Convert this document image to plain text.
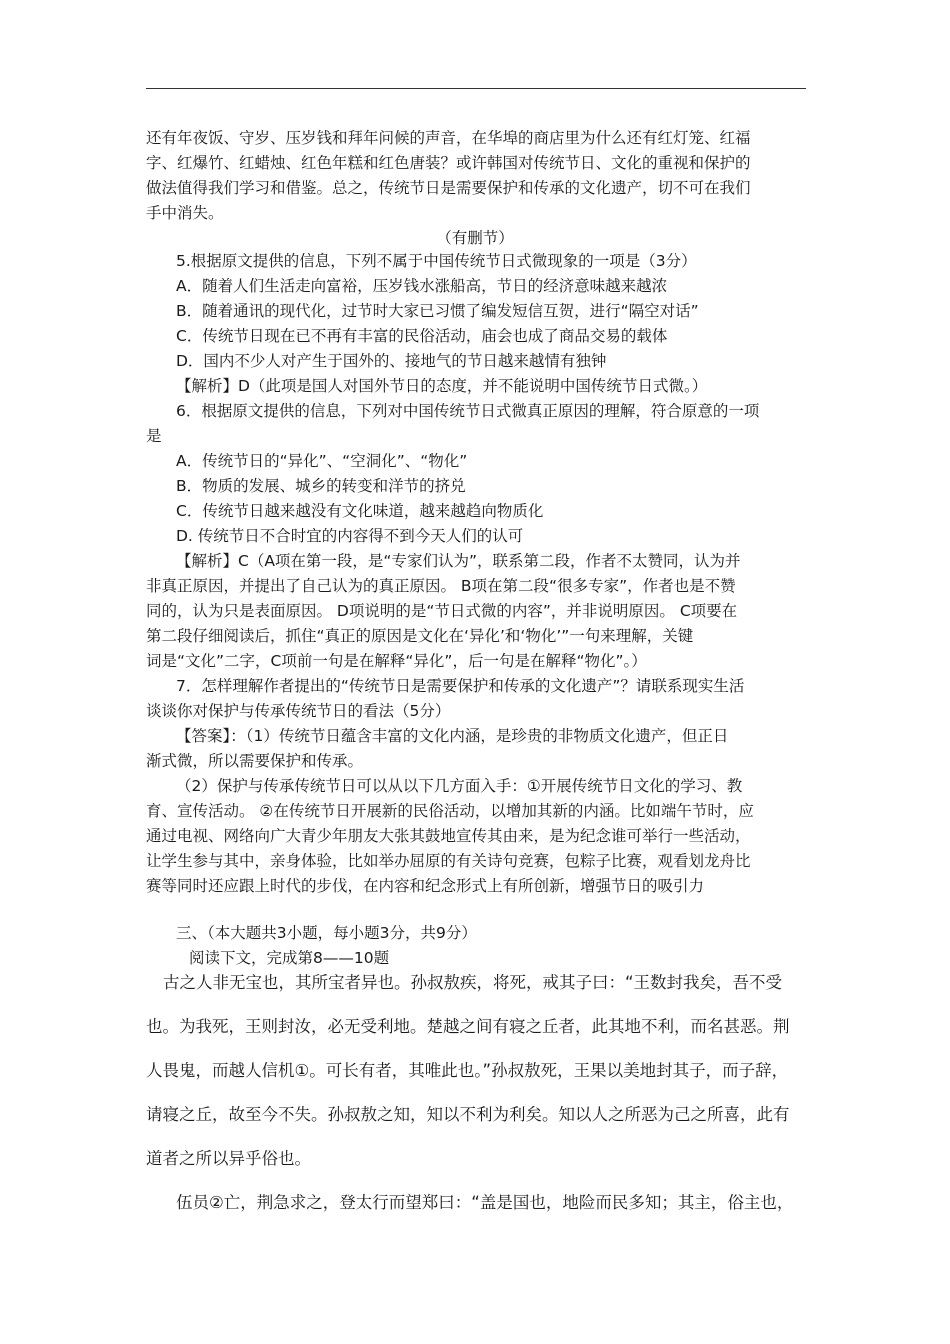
还有年夜饭、守岁、压岁钱和拜年问候的声音，在华埠的商店里为什么还有红灯笼、红福
字、红爆竹、红蜡烛、红色年糕和红色唐装？或许韩国对传统节日、文化的重视和保护的
做法值得我们学习和借鉴。总之，传统节日是需要保护和传承的文化遗产，切不可在我们
手中消失。
（有删节）
5.根据原文提供的信息，下列不属于中国传统节日式微现象的一项是（3分）
A．随着人们生活走向富裕，压岁钱水涨船高，节日的经济意味越来越浓
B．随着通讯的现代化，过节时大家已习惯了编发短信互贺，进行“隔空对话”
C．传统节日现在已不再有丰富的民俗活动，庙会也成了商品交易的载体
D．国内不少人对产生于国外的、接地气的节日越来越情有独钟
【解析】D（此项是国人对国外节日的态度，并不能说明中国传统节日式微。）
6．根据原文提供的信息，下列对中国传统节日式微真正原因的理解，符合原意的一项
是
A．传统节日的“异化”、“空洞化”、“物化”
B．物质的发展、城乡的转变和洋节的挤兑
C．传统节日越来越没有文化味道，越来越趋向物质化
D. 传统节日不合时宜的内容得不到今天人们的认可
【解析】C（A项在第一段，是“专家们认为”，联系第二段，作者不太赞同，认为并
非真正原因，并提出了自己认为的真正原因。 B项在第二段“很多专家”，作者也是不赞
同的，认为只是表面原因。 D项说明的是“节日式微的内容”，并非说明原因。 C项要在
第二段仔细阅读后，抓住“真正的原因是文化在‘异化’和‘物化’”一句来理解，关键
词是“文化”二字，C项前一句是在解释“异化”，后一句是在解释“物化”。）
7．怎样理解作者提出的“传统节日是需要保护和传承的文化遗产”？请联系现实生活
谈谈你对保护与传承传统节日的看法（5分）
【答案】：（1）传统节日蕴含丰富的文化内涵，是珍贵的非物质文化遗产，但正日
渐式微，所以需要保护和传承。
（2）保护与传承传统节日可以从以下几方面入手：①开展传统节日文化的学习、教
育、宣传活动。 ②在传统节日开展新的民俗活动，以增加其新的内涵。比如端午节时，应
通过电视、网络向广大青少年朋友大张其鼓地宣传其由来，是为纪念谁可举行一些活动，
让学生参与其中，亲身体验，比如举办屈原的有关诗句竞赛，包粽子比赛，观看划龙舟比
赛等同时还应跟上时代的步伐，在内容和纪念形式上有所创新，增强节日的吸引力
三、（本大题共3小题，每小题3分，共9分）
阅读下文，完成第8——10题
古之人非无宝也，其所宝者异也。孙叔敖疾，将死，戒其子曰：“王数封我矣，吾不受
也。为我死，王则封汝，必无受利地。楚越之间有寝之丘者，此其地不利，而名甚恶。荆
人畏鬼，而越人信机①。可长有者，其唯此也。”孙叔敖死，王果以美地封其子，而子辞，
请寝之丘，故至今不失。孙叔敖之知，知以不利为利矣。知以人之所恶为己之所喜，此有
道者之所以异乎俗也。
伍员②亡，荆急求之，登太行而望郑曰：“盖是国也，地险而民多知；其主，俗主也，
